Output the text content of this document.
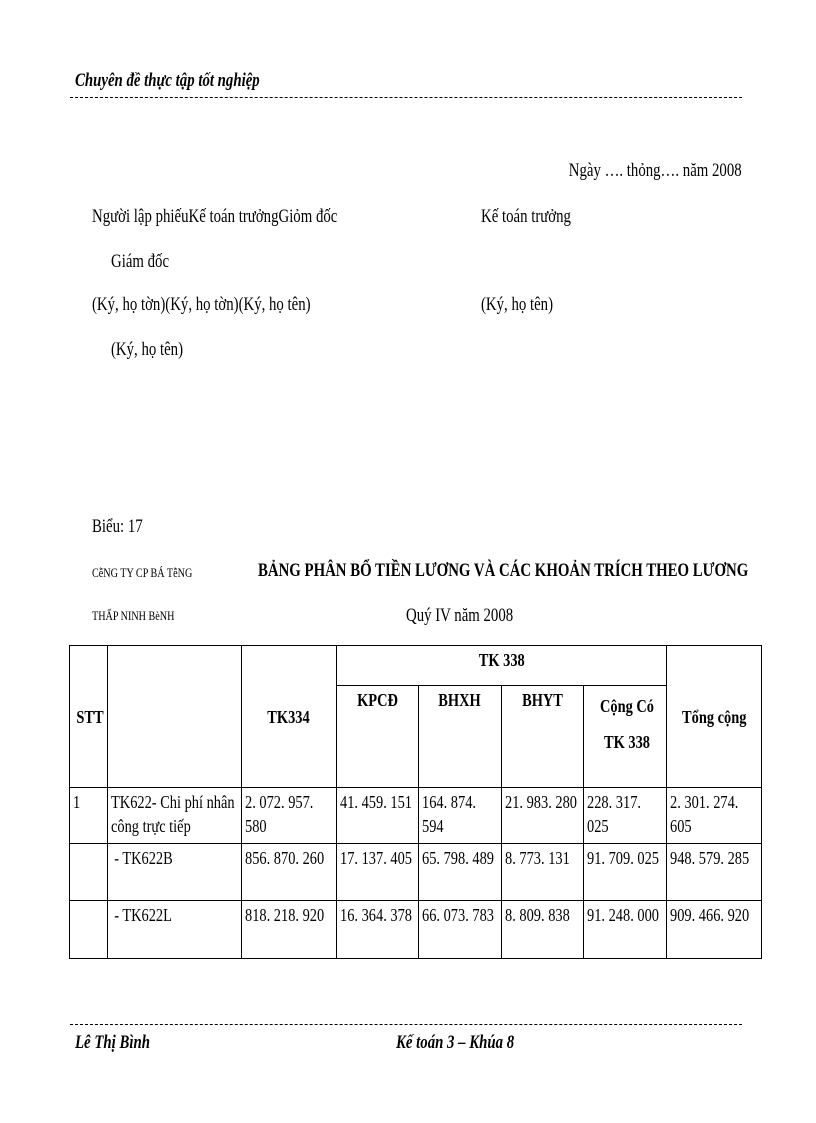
Chuyên đề thực tập tốt nghiệp
Ngày …. thỏng…. năm 2008
Người lập phiếuKế toán trưởngGiỏm đốc	Kế toán trưởng
Giám đốc
(Ký, họ tờn)(Ký, họ tờn)(Ký, họ tên)	(Ký, họ tên)
(Ký, họ tên)
Biểu: 17
CễNG TY CP BÁ TễNG
THẤP NINH BèNH
BẢNG PHÂN BỔ TIỀN LƯƠNG VÀ CÁC KHOẢN TRÍCH THEO LƯƠNG
Quý IV năm 2008
STT		TK334	TK 338				Tổng cộng
			KPCĐ	BHXH	BHYT	Cộng Có TK 338	

1	TK622- Chi phí nhân công trực tiếp	2. 072. 957. 580	41. 459. 151	164. 874. 594	21. 983. 280	228. 317. 025	2. 301. 274. 605
	- TK622B	856. 870. 260	17. 137. 405	65. 798. 489	8. 773. 131	91. 709. 025	948. 579. 285
	- TK622L	818. 218. 920	16. 364. 378	66. 073. 783	8. 809. 838	91. 248. 000	909. 466. 920
Lê Thị Bình	Kế toán 3 – Khúa 8
